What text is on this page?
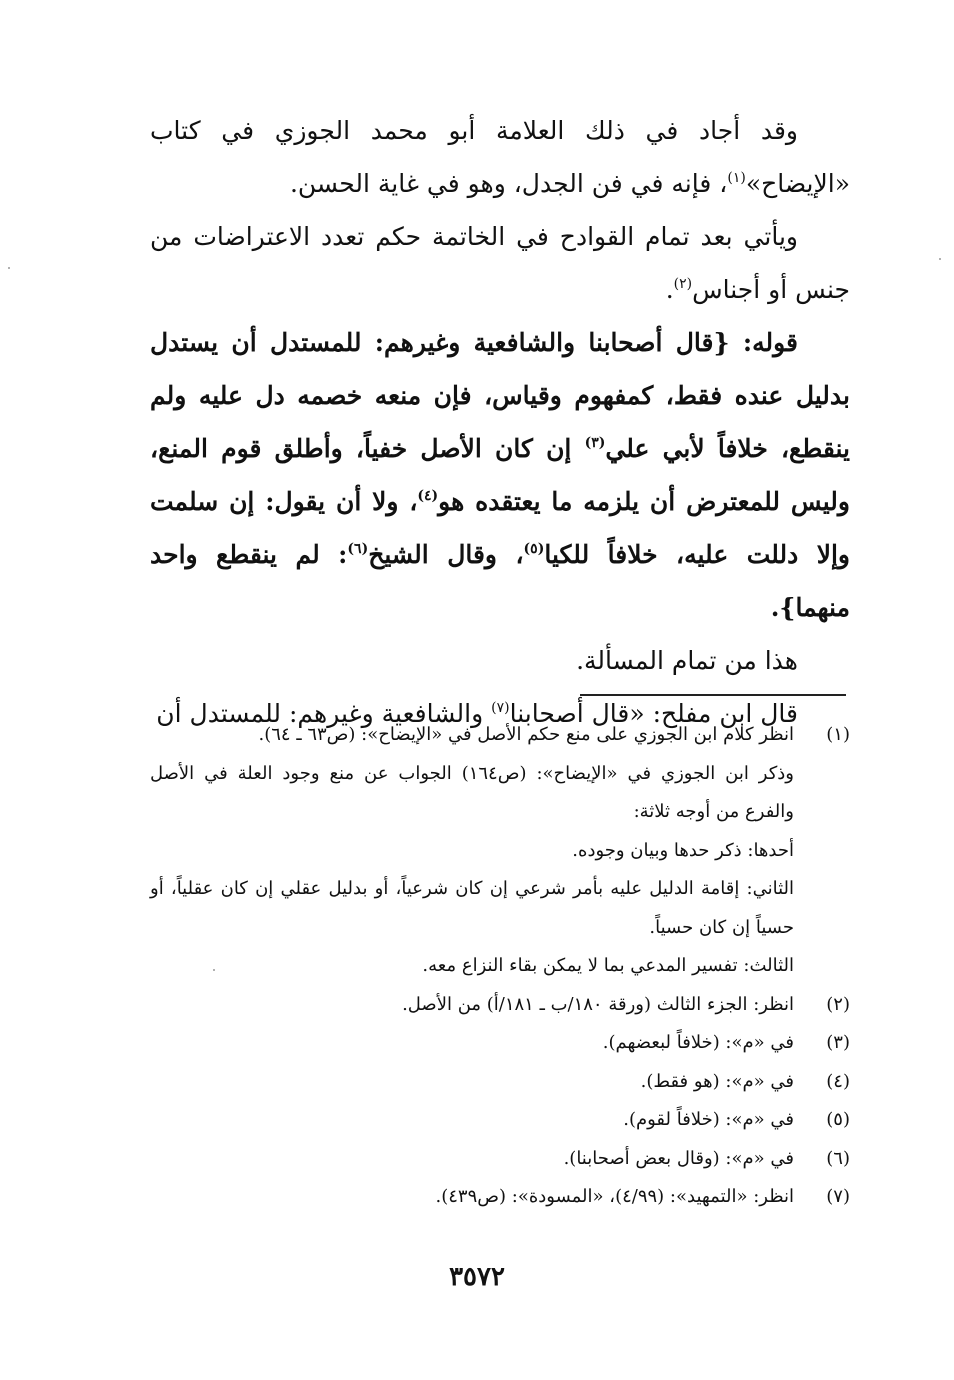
وقد أجاد في ذلك العلامة أبو محمد الجوزي في كتاب «الإيضاح»$^{(١)}$، فإنه في فن الجدل، وهو في غاية الحسن.

ويأتي بعد تمام القوادح في الخاتمة حكم تعدد الاعتراضات من جنس أو أجناس$^{(٢)}$.

قوله: {قال أصحابنا والشافعية وغيرهم: للمستدل أن يستدل بدليل عنده فقط، كمفهوم وقياس، فإن منعه خصمه دل عليه ولم ينقطع، خلافاً لأبي علي$^{(٣)}$ إن كان الأصل خفياً، وأطلق قوم المنع، وليس للمعترض أن يلزمه ما يعتقده هو$^{(٤)}$، ولا أن يقول: إن سلمت وإلا دللت عليه، خلافاً للكيا$^{(٥)}$، وقال الشيخ$^{(٦)}$: لم ينقطع واحد منهما}.

هذا من تمام المسألة.

قال ابن مفلح: «قال أصحابنا$^{(٧)}$ والشافعية وغيرهم: للمستدل أن

(١)
انظر كلام ابن الجوزي على منع حكم الأصل في «الإيضاح»: (ص٦٣ ـ ٦٤).
وذكر ابن الجوزي في «الإيضاح»: (ص١٦٤) الجواب عن منع وجود العلة في الأصل والفرع من أوجه ثلاثة:
أحدها: ذكر حدها وبيان وجوده.
الثاني: إقامة الدليل عليه بأمر شرعي إن كان شرعياً، أو بدليل عقلي إن كان عقلياً، أو حسياً إن كان حسياً.
الثالث: تفسير المدعي بما لا يمكن بقاء النزاع معه.
(٢)
انظر: الجزء الثالث (ورقة ١٨٠/ب ـ ١٨١/أ) من الأصل.
(٣)
في «م»: (خلافاً لبعضهم).
(٤)
في «م»: (هو فقط).
(٥)
في «م»: (خلافاً لقوم).
(٦)
في «م»: (وقال بعض أصحابنا).
(٧)
انظر: «التمهيد»: (٤/٩٩)، «المسودة»: (ص٤٣٩).
٣٥٧٢
